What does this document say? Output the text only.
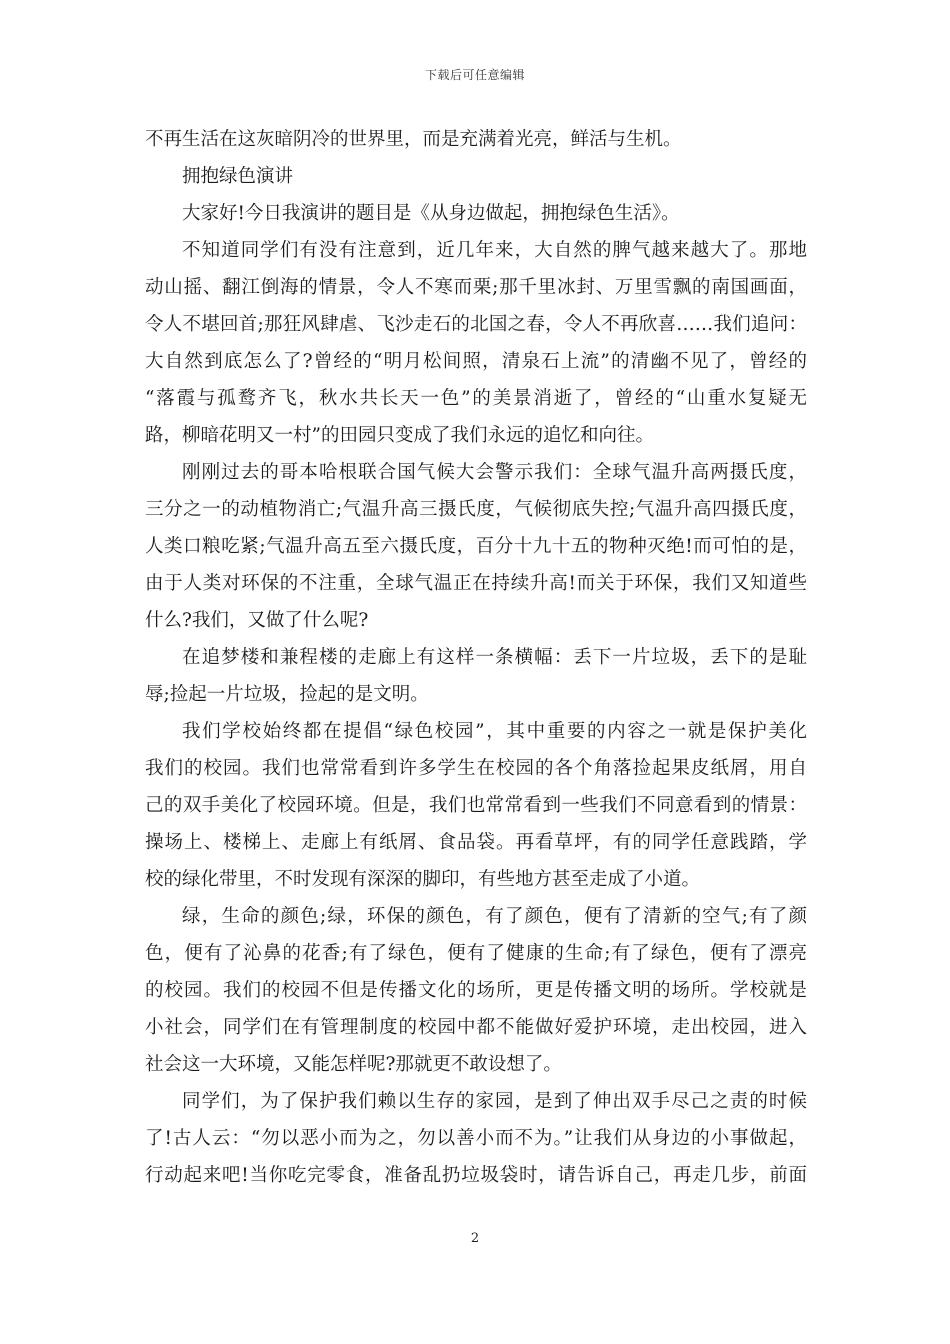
下载后可任意编辑
不再生活在这灰暗阴冷的世界里，而是充满着光亮，鲜活与生机。
拥抱绿色演讲
大家好!今日我演讲的题目是《从身边做起，拥抱绿色生活》。
不知道同学们有没有注意到，近几年来，大自然的脾气越来越大了。那地
动山摇、翻江倒海的情景，令人不寒而栗;那千里冰封、万里雪飘的南国画面，
令人不堪回首;那狂风肆虐、飞沙走石的北国之春，令人不再欣喜……我们追问：
大自然到底怎么了?曾经的“明月松间照，清泉石上流”的清幽不见了，曾经的
“落霞与孤鹜齐飞，秋水共长天一色”的美景消逝了，曾经的“山重水复疑无
路，柳暗花明又一村”的田园只变成了我们永远的追忆和向往。
刚刚过去的哥本哈根联合国气候大会警示我们：全球气温升高两摄氏度，
三分之一的动植物消亡;气温升高三摄氏度，气候彻底失控;气温升高四摄氏度，
人类口粮吃紧;气温升高五至六摄氏度，百分十九十五的物种灭绝!而可怕的是，
由于人类对环保的不注重，全球气温正在持续升高!而关于环保，我们又知道些
什么?我们，又做了什么呢?
在追梦楼和兼程楼的走廊上有这样一条横幅：丢下一片垃圾，丢下的是耻
辱;捡起一片垃圾，捡起的是文明。
我们学校始终都在提倡“绿色校园”，其中重要的内容之一就是保护美化
我们的校园。我们也常常看到许多学生在校园的各个角落捡起果皮纸屑，用自
己的双手美化了校园环境。但是，我们也常常看到一些我们不同意看到的情景：
操场上、楼梯上、走廊上有纸屑、食品袋。再看草坪，有的同学任意践踏，学
校的绿化带里，不时发现有深深的脚印，有些地方甚至走成了小道。
绿，生命的颜色;绿，环保的颜色，有了颜色，便有了清新的空气;有了颜
色，便有了沁鼻的花香;有了绿色，便有了健康的生命;有了绿色，便有了漂亮
的校园。我们的校园不但是传播文化的场所，更是传播文明的场所。学校就是
小社会，同学们在有管理制度的校园中都不能做好爱护环境，走出校园，进入
社会这一大环境，又能怎样呢?那就更不敢设想了。
同学们，为了保护我们赖以生存的家园，是到了伸出双手尽己之责的时候
了!古人云：“勿以恶小而为之，勿以善小而不为。”让我们从身边的小事做起，
行动起来吧!当你吃完零食，准备乱扔垃圾袋时，请告诉自己，再走几步，前面
2
